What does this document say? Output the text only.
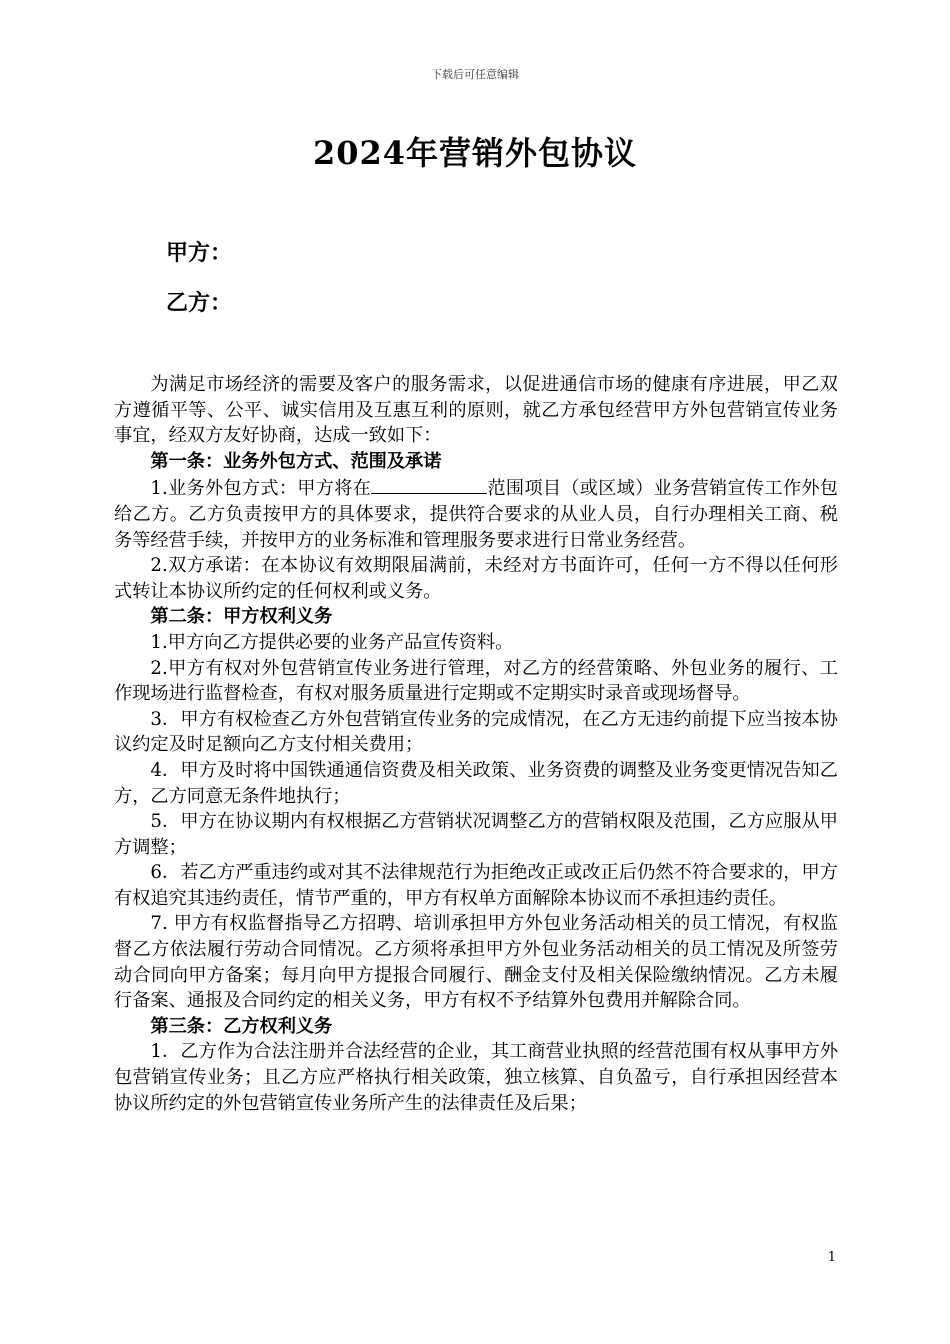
下载后可任意编辑
2024年营销外包协议
甲方：
乙方：

为满足市场经济的需要及客户的服务需求，以促进通信市场的健康有序进展，甲乙双方遵循平等、公平、诚实信用及互惠互利的原则，就乙方承包经营甲方外包营销宣传业务事宜，经双方友好协商，达成一致如下：

第一条：业务外包方式、范围及承诺

1.业务外包方式：甲方将在	范围项目（或区域）业务营销宣传工作外包给乙方。乙方负责按甲方的具体要求，提供符合要求的从业人员，自行办理相关工商、税务等经营手续，并按甲方的业务标准和管理服务要求进行日常业务经营。

2.双方承诺：在本协议有效期限届满前，未经对方书面许可，任何一方不得以任何形式转让本协议所约定的任何权利或义务。

第二条：甲方权利义务

1.甲方向乙方提供必要的业务产品宣传资料。

2.甲方有权对外包营销宣传业务进行管理，对乙方的经营策略、外包业务的履行、工作现场进行监督检查，有权对服务质量进行定期或不定期实时录音或现场督导。

3．甲方有权检查乙方外包营销宣传业务的完成情况，在乙方无违约前提下应当按本协议约定及时足额向乙方支付相关费用；

4．甲方及时将中国铁通通信资费及相关政策、业务资费的调整及业务变更情况告知乙方，乙方同意无条件地执行；

5．甲方在协议期内有权根据乙方营销状况调整乙方的营销权限及范围，乙方应服从甲方调整；

6．若乙方严重违约或对其不法律规范行为拒绝改正或改正后仍然不符合要求的，甲方有权追究其违约责任，情节严重的，甲方有权单方面解除本协议而不承担违约责任。

7. 甲方有权监督指导乙方招聘、培训承担甲方外包业务活动相关的员工情况，有权监督乙方依法履行劳动合同情况。乙方须将承担甲方外包业务活动相关的员工情况及所签劳动合同向甲方备案；每月向甲方提报合同履行、酬金支付及相关保险缴纳情况。乙方未履行备案、通报及合同约定的相关义务，甲方有权不予结算外包费用并解除合同。

第三条：乙方权利义务

1．乙方作为合法注册并合法经营的企业，其工商营业执照的经营范围有权从事甲方外包营销宣传业务；且乙方应严格执行相关政策，独立核算、自负盈亏，自行承担因经营本协议所约定的外包营销宣传业务所产生的法律责任及后果；

1
